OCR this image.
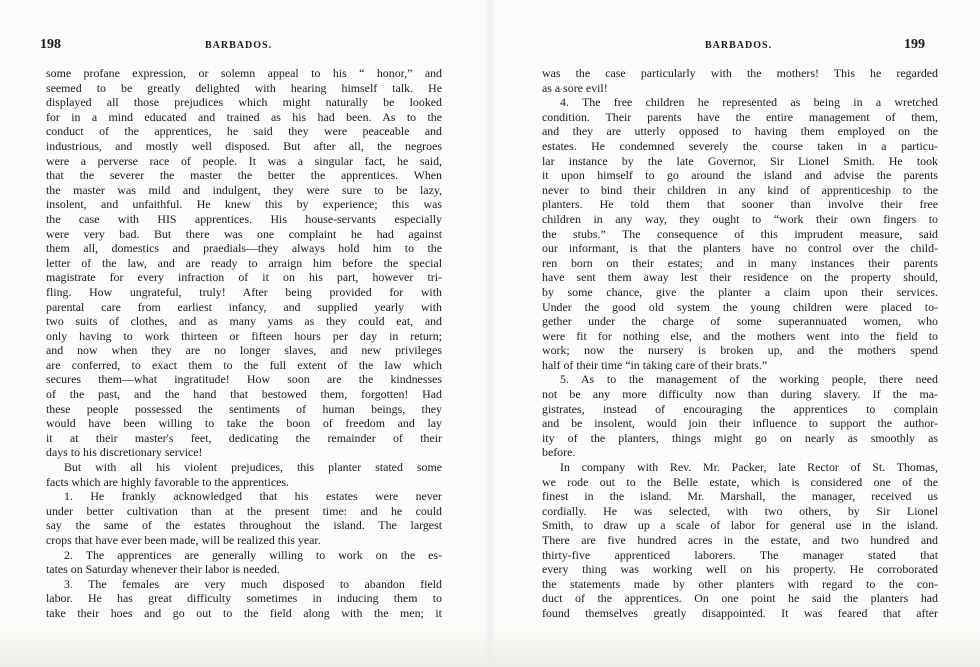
198	BARBADOS.
some profane expression, or solemn appeal to his “ honor,” and
seemed to be greatly delighted with hearing himself talk. He
displayed all those prejudices which might naturally be looked
for in a mind educated and trained as his had been. As to the
conduct of the apprentices, he said they were peaceable and
industrious, and mostly well disposed. But after all, the negroes
were a perverse race of people. It was a singular fact, he said,
that the severer the master the better the apprentices. When
the master was mild and indulgent, they were sure to be lazy,
insolent, and unfaithful. He knew this by experience; this was
the case with HIS apprentices. His house-servants especially
were very bad. But there was one complaint he had against
them all, domestics and praedials—they always hold him to the
letter of the law, and are ready to arraign him before the special
magistrate for every infraction of it on his part, however tri-
fling. How ungrateful, truly! After being provided for with
parental care from earliest infancy, and supplied yearly with
two suits of clothes, and as many yams as they could eat, and
only having to work thirteen or fifteen hours per day in return;
and now when they are no longer slaves, and new privileges
are conferred, to exact them to the full extent of the law which
secures them—what ingratitude! How soon are the kindnesses
of the past, and the hand that bestowed them, forgotten! Had
these people possessed the sentiments of human beings, they
would have been willing to take the boon of freedom and lay
it at their master's feet, dedicating the remainder of their
days to his discretionary service!
But with all his violent prejudices, this planter stated some
facts which are highly favorable to the apprentices.
1. He frankly acknowledged that his estates were never
under better cultivation than at the present time: and he could
say the same of the estates throughout the island. The largest
crops that have ever been made, will be realized this year.
2. The apprentices are generally willing to work on the es-
tates on Saturday whenever their labor is needed.
3. The females are very much disposed to abandon field
labor. He has great difficulty sometimes in inducing them to
take their hoes and go out to the field along with the men; it
199
BARBADOS.
was the case particularly with the mothers! This he regarded
as a sore evil!
4. The free children he represented as being in a wretched
condition. Their parents have the entire management of them,
and they are utterly opposed to having them employed on the
estates. He condemned severely the course taken in a particu-
lar instance by the late Governor, Sir Lionel Smith. He took
it upon himself to go around the island and advise the parents
never to bind their children in any kind of apprenticeship to the
planters. He told them that sooner than involve their free
children in any way, they ought to “work their own fingers to
the stubs.” The consequence of this imprudent measure, said
our informant, is that the planters have no control over the child-
ren born on their estates; and in many instances their parents
have sent them away lest their residence on the property should,
by some chance, give the planter a claim upon their services.
Under the good old system the young children were placed to-
gether under the charge of some superannuated women, who
were fit for nothing else, and the mothers went into the field to
work; now the nursery is broken up, and the mothers spend
half of their time “in taking care of their brats.”
5. As to the management of the working people, there need
not be any more difficulty now than during slavery. If the ma-
gistrates, instead of encouraging the apprentices to complain
and be insolent, would join their influence to support the author-
ity of the planters, things might go on nearly as smoothly as
before.
In company with Rev. Mr. Packer, late Rector of St. Thomas,
we rode out to the Belle estate, which is considered one of the
finest in the island. Mr. Marshall, the manager, received us
cordially. He was selected, with two others, by Sir Lionel
Smith, to draw up a scale of labor for general use in the island.
There are five hundred acres in the estate, and two hundred and
thirty-five apprenticed laborers. The manager stated that
every thing was working well on his property. He corroborated
the statements made by other planters with regard to the con-
duct of the apprentices. On one point he said the planters had
found themselves greatly disappointed. It was feared that after
